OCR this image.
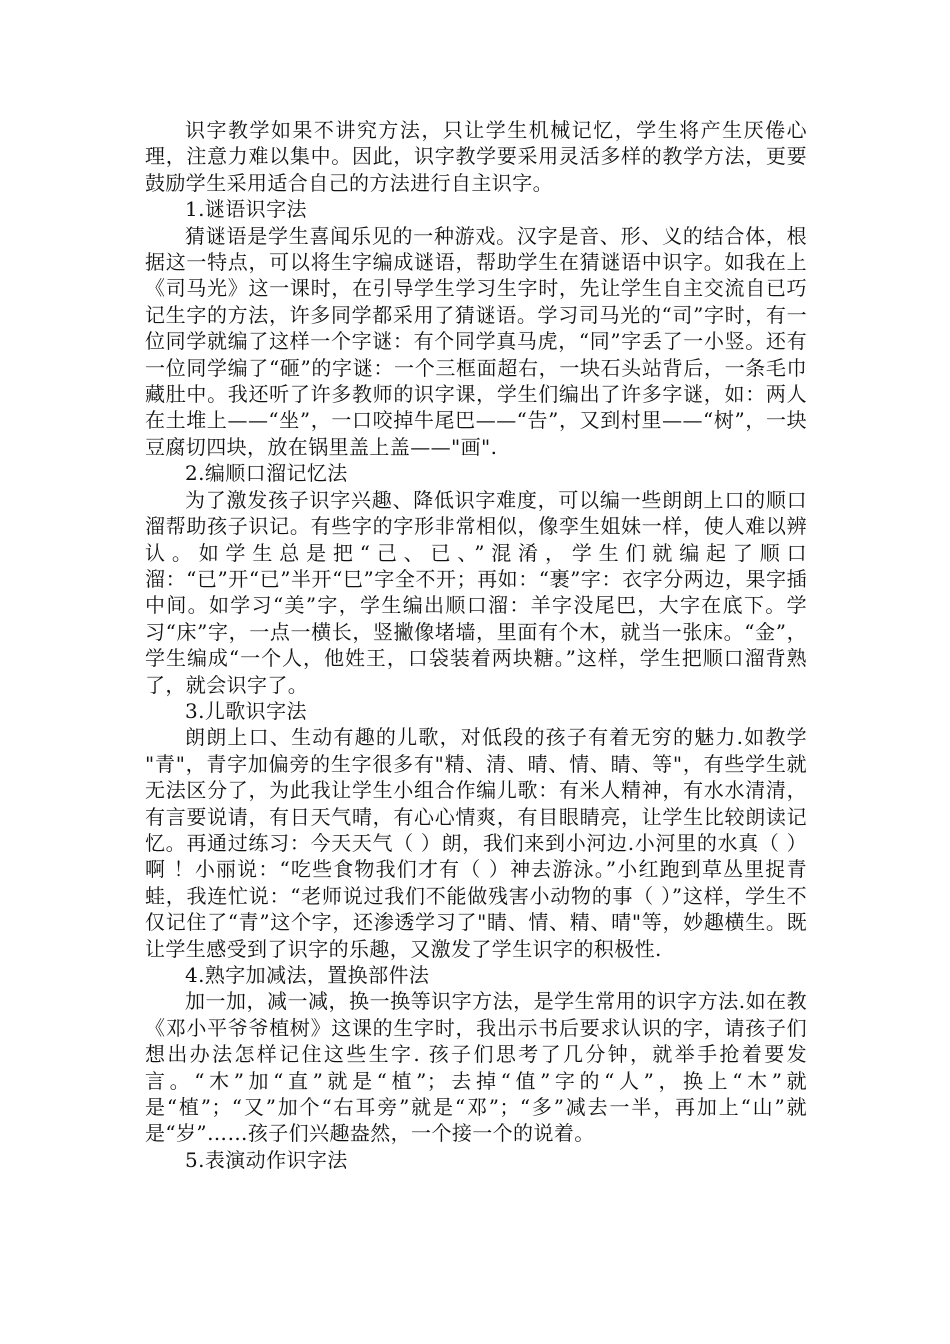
识字教学如果不讲究方法，只让学生机械记忆，学生将产生厌倦心理，注意力难以集中。因此，识字教学要采用灵活多样的教学方法，更要鼓励学生采用适合自己的方法进行自主识字。

1.谜语识字法

猜谜语是学生喜闻乐见的一种游戏。汉字是音、形、义的结合体，根据这一特点，可以将生字编成谜语，帮助学生在猜谜语中识字。如我在上《司马光》这一课时，在引导学生学习生字时，先让学生自主交流自已巧记生字的方法，许多同学都采用了猜谜语。学习司马光的“司”字时，有一位同学就编了这样一个字谜：有个同学真马虎，“同”字丢了一小竖。还有一位同学编了“砸”的字谜：一个三框面超右，一块石头站背后，一条毛巾藏肚中。我还听了许多教师的识字课，学生们编出了许多字谜，如：两人在土堆上——“坐”，一口咬掉牛尾巴——“告”，又到村里——“树”，一块豆腐切四块，放在锅里盖上盖——"画".

2.编顺口溜记忆法

为了激发孩子识字兴趣、降低识字难度，可以编一些朗朗上口的顺口溜帮助孩子识记。有些字的字形非常相似，像孪生姐妹一样，使人难以辨认。如学生总是把“己、已、”混淆，学生们就编起了顺口溜：“已”开“已”半开“巳”字全不开；再如：“裹”字：衣字分两边，果字插中间。如学习“美”字，学生编出顺口溜：羊字没尾巴，大字在底下。学习“床”字，一点一横长，竖撇像堵墙，里面有个木，就当一张床。“金”，学生编成“一个人，他姓王，口袋装着两块糖。”这样，学生把顺口溜背熟了，就会识字了。

3.儿歌识字法

朗朗上口、生动有趣的儿歌，对低段的孩子有着无穷的魅力.如教学 "青"，青字加偏旁的生字很多有"精、清、晴、情、睛、等"，有些学生就无法区分了，为此我让学生小组合作编儿歌：有米人精神，有水水清清，有言要说请，有日天气晴，有心心情爽，有目眼睛亮，让学生比较朗读记忆。再通过练习：今天天气（ ）朗，我们来到小河边.小河里的水真（ ）啊 ！小丽说：“吃些食物我们才有（ ）神去游泳。”小红跑到草丛里捉青蛙，我连忙说：“老师说过我们不能做残害小动物的事（ ）”这样，学生不仅记住了“青”这个字，还渗透学习了"睛、情、精、晴"等，妙趣横生。既让学生感受到了识字的乐趣，又激发了学生识字的积极性.

4.熟字加减法，置换部件法

加一加，减一减，换一换等识字方法，是学生常用的识字方法.如在教《邓小平爷爷植树》这课的生字时，我出示书后要求认识的字，请孩子们想出办法怎样记住这些生字. 孩子们思考了几分钟，就举手抢着要发言。“木”加“直”就是“植”；去掉“值”字的“人”，换上“木”就是“植”；“又”加个“右耳旁”就是“邓”；“多”减去一半，再加上“山”就是“岁”……孩子们兴趣盎然，一个接一个的说着。

5.表演动作识字法
